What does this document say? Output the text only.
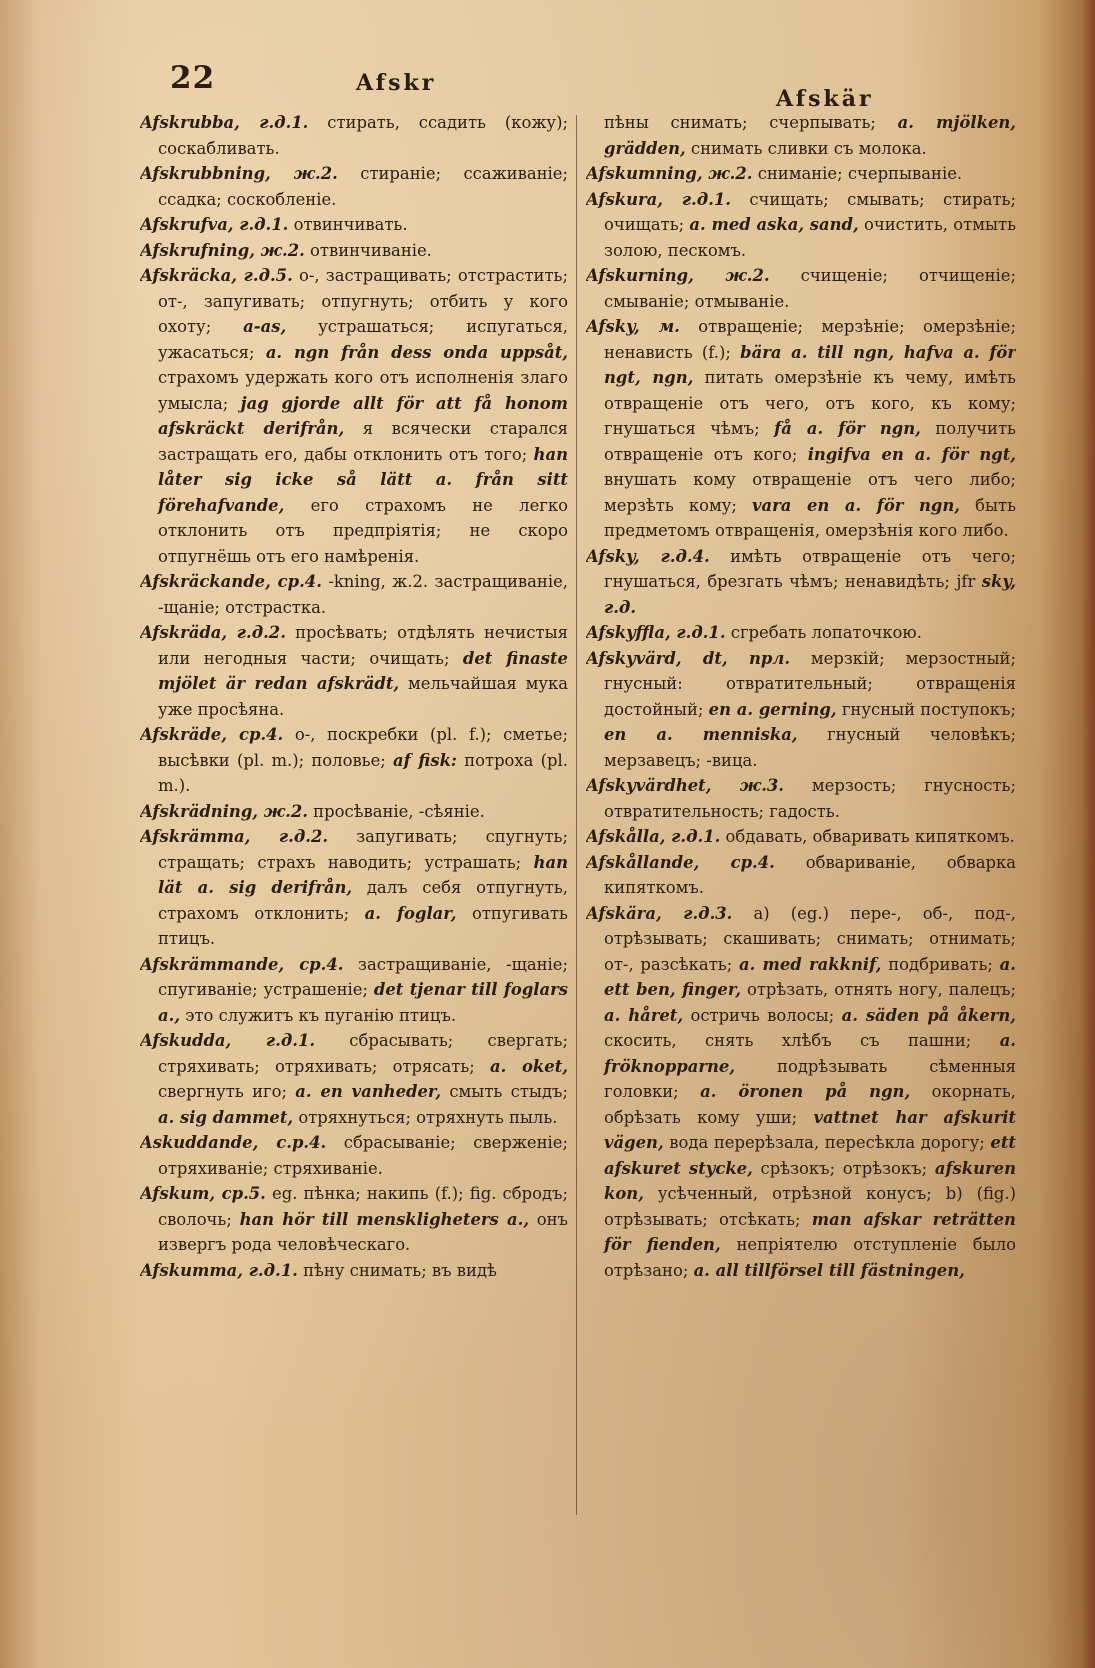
22	Afskr
Afskär
Afskrubba, г.д.1. стирать, ссадить (кожу); соскабливать.
Afskrubbning, ж.2. стираніе; ссаживаніе; ссадка; соскобленіе.
Afskrufva, г.д.1. отвинчивать.
Afskrufning, ж.2. отвинчиваніе.
Afskräcka, г.д.5. о-, застращивать; отстрастить; от-, запугивать; отпугнуть; отбить у кого охоту; a-as, устрашаться; испугаться, ужасаться; a. ngn från dess onda uppsåt, страхомъ удержать кого отъ исполненія злаго умысла; jag gjorde allt för att få honom afskräckt derifrån, я всячески старался застращать его, дабы отклонить отъ того; han låter sig icke så lätt a. från sitt förehafvande, его страхомъ не легко отклонить отъ предпріятія; не скоро отпугнёшь отъ его намѣренія.
Afskräckande, ср.4. -kning, ж.2. застращиваніе, -щаніе; отстрастка.
Afskräda, г.д.2. просѣвать; отдѣлять нечистыя или негодныя части; очищать; det finaste mjölet är redan afskrädt, мельчайшая мука уже просѣяна.
Afskräde, ср.4. о-, поскребки (pl. f.); сметье; высѣвки (pl. m.); половье; af fisk: потроха (pl. m.).
Afskrädning, ж.2. просѣваніе, -сѣяніе.
Afskrämma, г.д.2. запугивать; спугнуть; стращать; страхъ наводить; устрашать; han lät a. sig derifrån, далъ себя отпугнуть, страхомъ отклонить; a. foglar, отпугивать птицъ.
Afskrämmande, ср.4. застращиваніе, -щаніе; спугиваніе; устрашеніе; det tjenar till foglars a., это служитъ къ пуганію птицъ.
Afskudda, г.д.1. сбрасывать; свергать; стряхивать; отряхивать; отрясать; a. oket, свергнуть иго; a. en vanheder, смыть стыдъ; a. sig dammet, отряхнуться; отряхнуть пыль.
Askuddande, с.р.4. сбрасываніе; сверженіе; отряхиваніе; стряхиваніе.
Afskum, ср.5. eg. пѣнка; накипь (f.); fig. сбродъ; сволочь; han hör till menskligheters a., онъ извергъ рода человѣческаго.
Afskumma, г.д.1. пѣну снимать; въ видѣ
пѣны снимать; счерпывать; a. mjölken, grädden, снимать сливки съ молока.
Afskumning, ж.2. сниманіе; счерпываніе.
Afskura, г.д.1. счищать; смывать; стирать; очищать; a. med aska, sand, очистить, отмыть золою, пескомъ.
Afskurning, ж.2. счищеніе; отчищеніе; смываніе; отмываніе.
Afsky, м. отвращеніе; мерзѣніе; омерзѣніе; ненависть (f.); bära a. till ngn, hafva a. för ngt, ngn, питать омерзѣніе къ чему, имѣть отвращеніе отъ чего, отъ кого, къ кому; гнушаться чѣмъ; få a. för ngn, получить отвращеніе отъ кого; ingifva en a. för ngt, внушать кому отвращеніе отъ чего либо; мерзѣть кому; vara en a. för ngn, быть предметомъ отвращенія, омерзѣнія кого либо.
Afsky, г.д.4. имѣть отвращеніе отъ чего; гнушаться, брезгать чѣмъ; ненавидѣть; jfr sky, г.д.
Afskyffla, г.д.1. сгребать лопаточкою.
Afskyvärd, dt, прл. мерзкій; мерзостный; гнусный: отвратительный; отвращенія достойный; en a. gerning, гнусный поступокъ; en a. menniska, гнусный человѣкъ; мерзавецъ; -вица.
Afskyvärdhet, ж.3. мерзость; гнусность; отвратительность; гадость.
Afskålla, г.д.1. обдавать, обваривать кипяткомъ.
Afskållande, ср.4. обвариваніе, обварка кипяткомъ.
Afskära, г.д.3. a) (eg.) пере-, об-, под-, отрѣзывать; скашивать; снимать; отнимать; от-, разсѣкать; a. med rakknif, подбривать; a. ett ben, finger, отрѣзать, отнять ногу, палецъ; a. håret, остричь волосы; a. säden på åkern, скосить, снять хлѣбъ съ пашни; a. fröknopparne,	подрѣзывать сѣменныя головки; a. öronen på ngn, окорнать, обрѣзать кому уши; vattnet har afskurit vägen, вода перерѣзала, пересѣкла дорогу; ett afskuret stycke, срѣзокъ; отрѣзокъ; afskuren kon, усѣченный, отрѣзной конусъ; b) (fig.) отрѣзывать; отсѣкать; man afskar reträtten för fienden, непріятелю отступленіе было отрѣзано; a. all tillförsel till fästningen,
